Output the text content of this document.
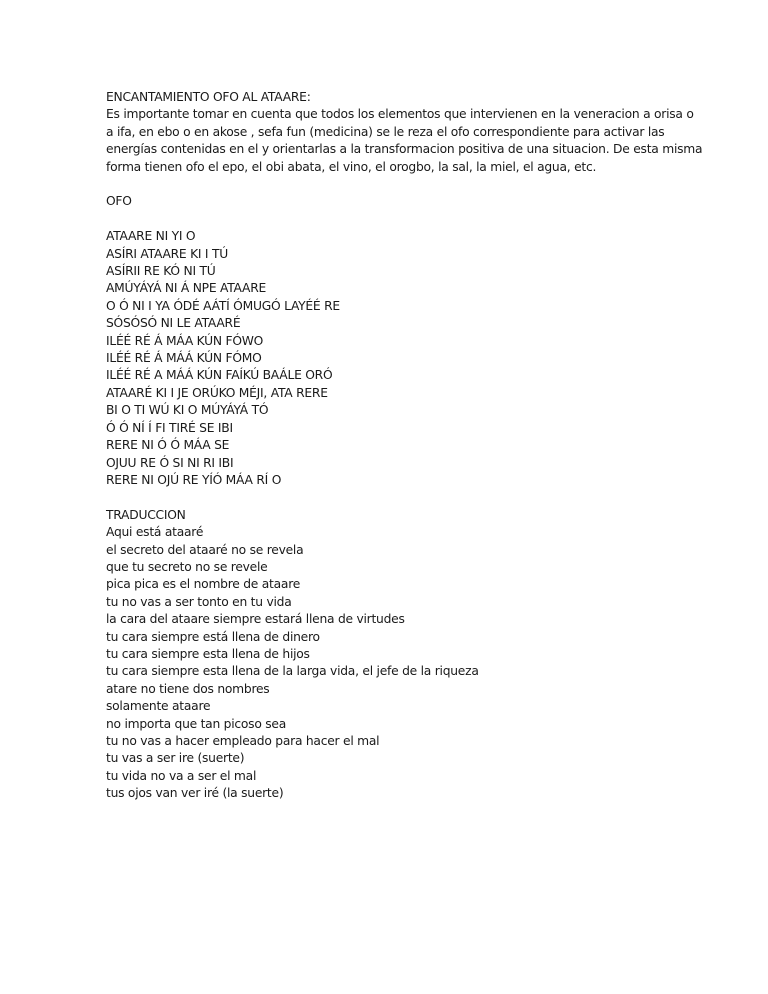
ENCANTAMIENTO OFO AL ATAARE:
Es importante tomar en cuenta que todos los elementos que intervienen en la veneracion a orisa o
a ifa, en ebo o en akose , sefa fun (medicina) se le reza el ofo correspondiente para activar las
energías contenidas en el y orientarlas a la transformacion positiva de una situacion. De esta misma
forma tienen ofo el epo, el obi abata, el vino, el orogbo, la sal, la miel, el agua, etc.
OFO
ATAARE NI YI O
ASÍRI ATAARE KI I TÚ
ASÍRII RE KÓ NI TÚ
AMÚYÁYÁ NI Á NPE ATAARE
O Ó NI I YA ÓDÉ AÁTÍ ÓMUGÓ LAYÉÉ RE
SÓSÓSÓ NI LE ATAARÉ
ILÉÉ RÉ Á MÁA KÚN FÓWO
ILÉÉ RÉ Á MÁÁ KÚN FÓMO
ILÉÉ RÉ A MÁÁ KÚN FAÍKÚ BAÁLE ORÓ
ATAARÉ KI I JE ORÚKO MÉJI, ATA RERE
BI O TI WÚ KI O MÚYÁYÁ TÓ
Ó Ó NÍ Í FI TIRÉ SE IBI
RERE NI Ó Ó MÁA SE
OJUU RE Ó SI NI RI IBI
RERE NI OJÚ RE YÍÓ MÁA RÍ O
TRADUCCION
Aqui está ataaré
el secreto del ataaré no se revela
que tu secreto no se revele
pica pica es el nombre de ataare
tu no vas a ser tonto en tu vida
la cara del ataare siempre estará llena de virtudes
tu cara siempre está llena de dinero
tu cara siempre esta llena de hijos
tu cara siempre esta llena de la larga vida, el jefe de la riqueza
atare no tiene dos nombres
solamente ataare
no importa que tan picoso sea
tu no vas a hacer empleado para hacer el mal
tu vas a ser ire (suerte)
tu vida no va a ser el mal
tus ojos van ver iré (la suerte)
